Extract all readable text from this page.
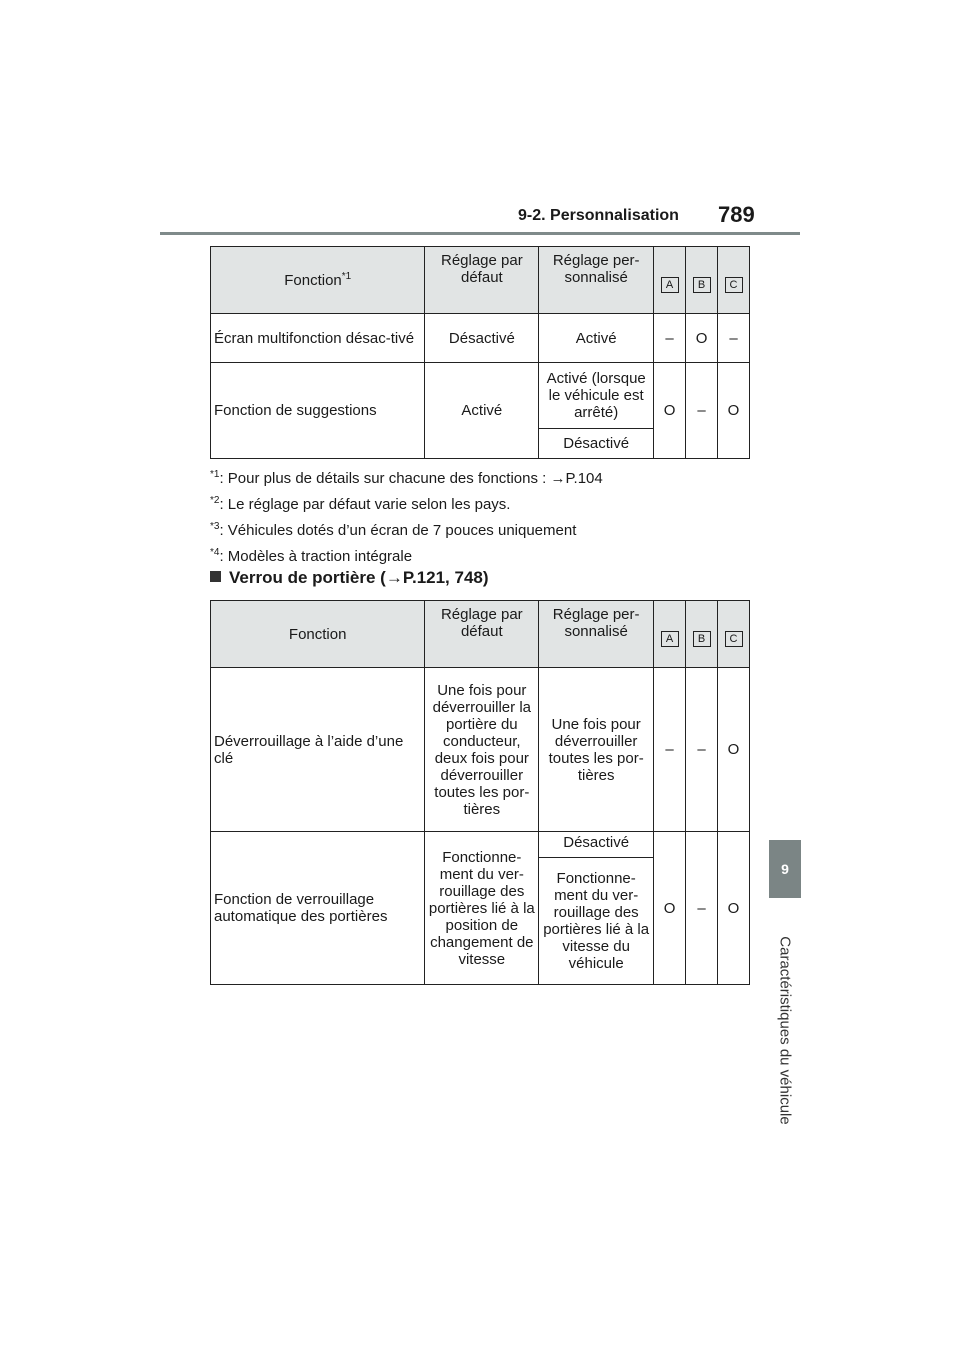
9-2. Personnalisation 789
9
Caractéristiques du véhicule
Fonction$^{*1}$	Réglage par défaut	Réglage per-sonnalisé	A	B	C
Écran multifonction désac-tivé	Désactivé	Activé	–	O	–
Fonction de suggestions	Activé	Activé (lorsque le véhicule est arrêté)	O	–	O
		Désactivé			
$^{*1}$: Pour plus de détails sur chacune des fonctions : →P.104
$^{*2}$: Le réglage par défaut varie selon les pays.
$^{*3}$: Véhicules dotés d’un écran de 7 pouces uniquement
$^{*4}$: Modèles à traction intégrale
Verrou de portière (→P.121, 748)
Fonction	Réglage par défaut	Réglage per-sonnalisé	A	B	C
Déverrouillage à l’aide d’une clé	Une fois pour déverrouiller la portière du conducteur, deux fois pour déverrouiller toutes les por-tières	Une fois pour déverrouiller toutes les por-tières	–	–	O
Fonction de verrouillage automatique des portières	Fonctionne-ment du ver-rouillage des portières lié à la position de changement de vitesse	Désactivé	O	–	O
		Fonctionne-ment du ver-rouillage des portières lié à la vitesse du véhicule			
